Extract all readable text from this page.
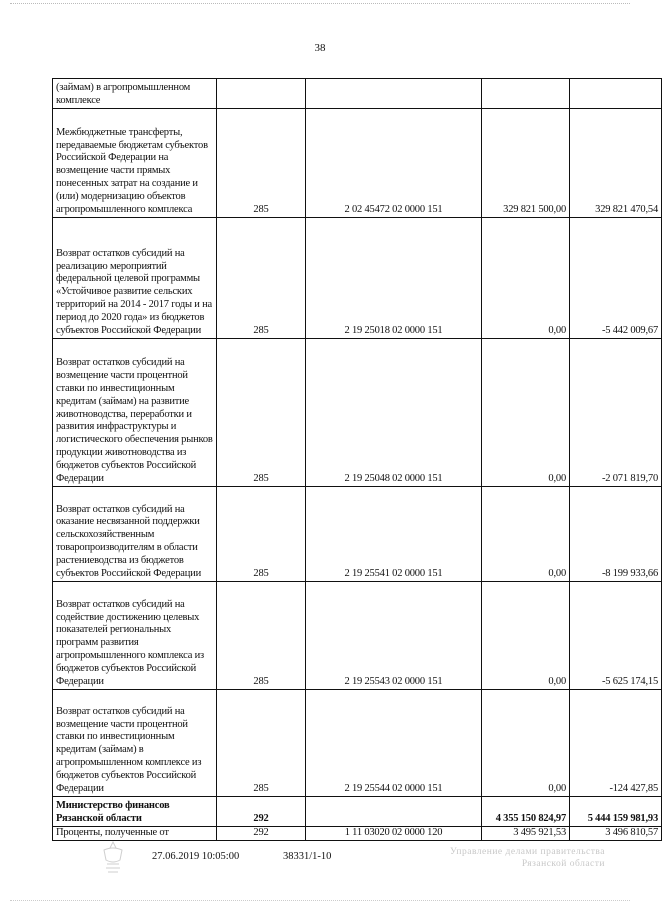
38
(займам) в агропромышленном комплексе				
Межбюджетные трансферты, передаваемые бюджетам субъектов Российской Федерации на возмещение части прямых понесенных затрат на создание и (или) модернизацию объектов агропромышленного комплекса	285	2 02 45472 02 0000 151	329 821 500,00	329 821 470,54
Возврат остатков субсидий на реализацию мероприятий федеральной целевой программы «Устойчивое развитие сельских территорий на 2014 - 2017 годы и на период до 2020 года» из бюджетов субъектов Российской Федерации	285	2 19 25018 02 0000 151	0,00	-5 442 009,67
Возврат остатков субсидий на возмещение части процентной ставки по инвестиционным кредитам (займам) на развитие животноводства, переработки и развития инфраструктуры и логистического обеспечения рынков продукции животноводства из бюджетов субъектов Российской Федерации	285	2 19 25048 02 0000 151	0,00	-2 071 819,70
Возврат остатков субсидий на оказание несвязанной поддержки сельскохозяйственным товаропроизводителям в области растениеводства из бюджетов субъектов Российской Федерации	285	2 19 25541 02 0000 151	0,00	-8 199 933,66
Возврат остатков субсидий на содействие достижению целевых показателей региональных программ развития агропромышленного комплекса из бюджетов субъектов Российской Федерации	285	2 19 25543 02 0000 151	0,00	-5 625 174,15
Возврат остатков субсидий на возмещение части процентной ставки по инвестиционным кредитам (займам) в агропромышленном комплексе из бюджетов субъектов Российской Федерации	285	2 19 25544 02 0000 151	0,00	-124 427,85
Министерство финансов Рязанской области	292		4 355 150 824,97	5 444 159 981,93
Проценты, полученные от	292	1 11 03020 02 0000 120	3 495 921,53	3 496 810,57
27.06.2019 10:05:00	38331/1-10	Управление делами правительства
Рязанской области
